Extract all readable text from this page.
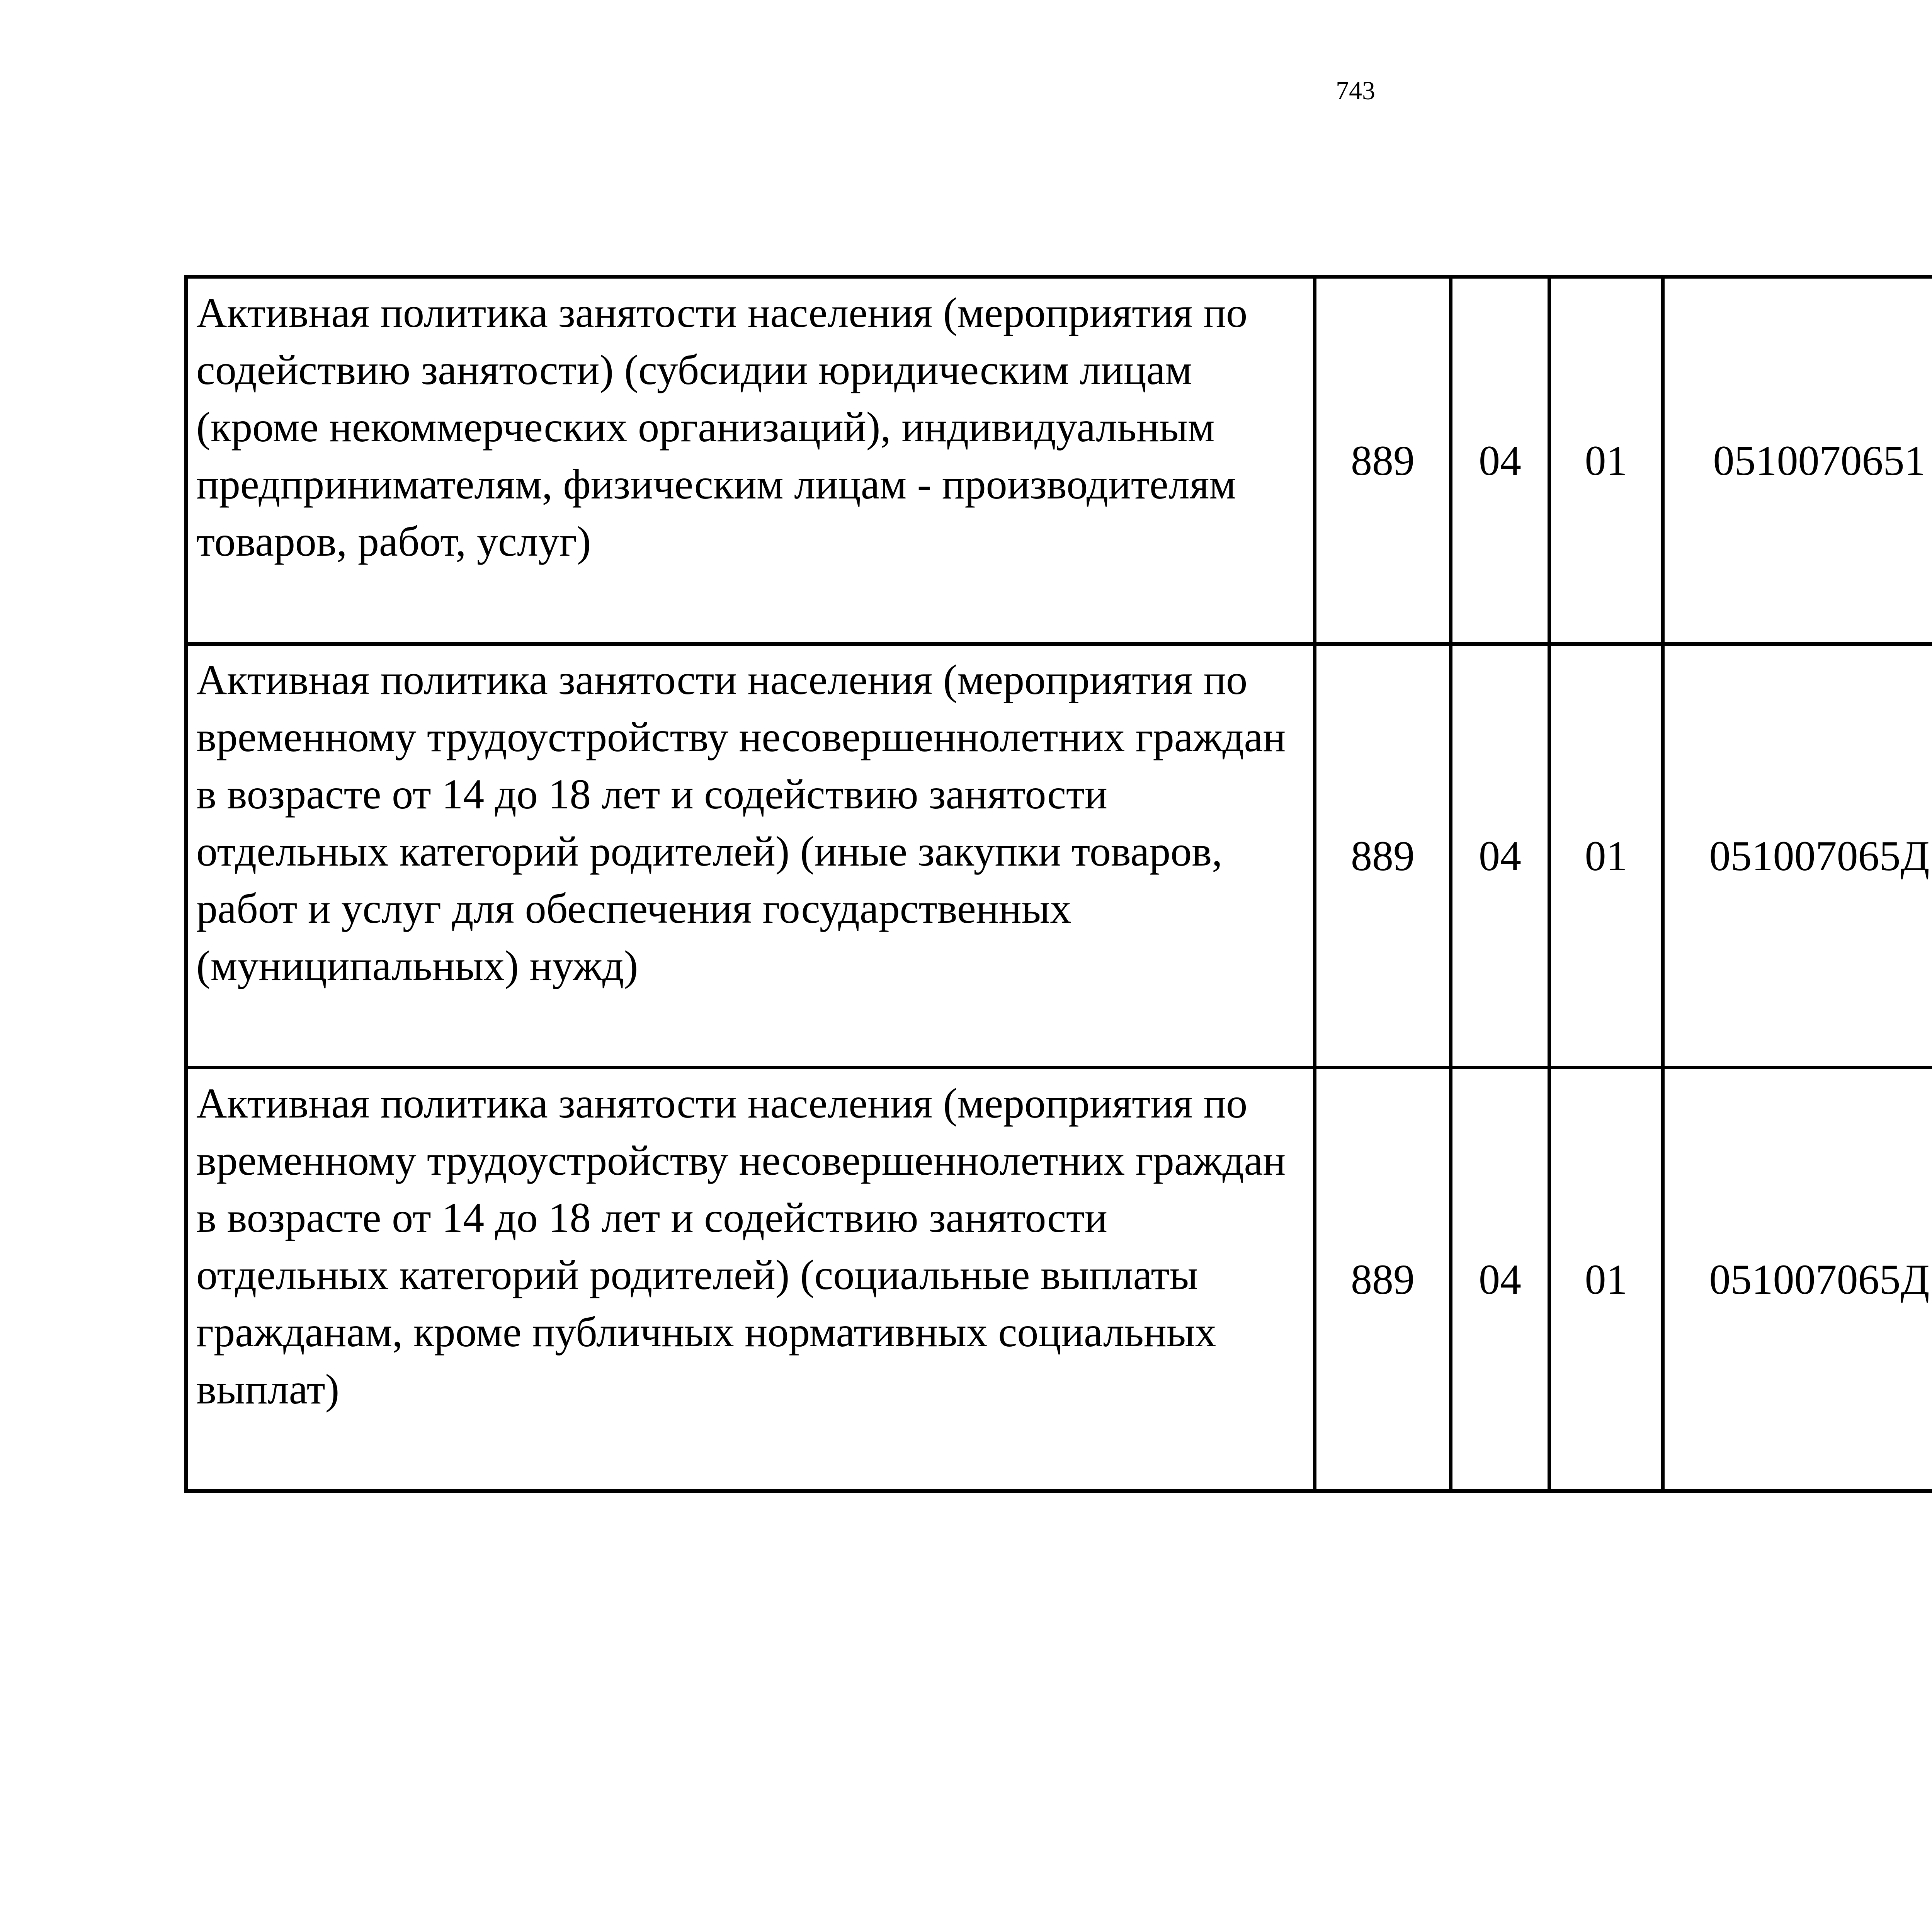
743
Активная политика занятости населения (мероприятия по содействию занятости) (субсидии юридическим лицам (кроме некоммерческих организаций), индивидуальным предпринимателям, физическим лицам - производителям товаров, работ, услуг)	889	04	01	0510070651		
Активная политика занятости населения (мероприятия по временному трудоустройству несовершеннолетних граждан в возрасте от 14 до 18 лет и содействию занятости отдельных категорий родителей) (иные закупки товаров, работ и услуг для обеспечения государственных (муниципальных) нужд)	889	04	01	051007065Д		
Активная политика занятости населения (мероприятия по временному трудоустройству несовершеннолетних граждан в возрасте от 14 до 18 лет и содействию занятости отдельных категорий родителей) (социальные выплаты гражданам, кроме публичных нормативных социальных выплат)	889	04	01	051007065Д		
